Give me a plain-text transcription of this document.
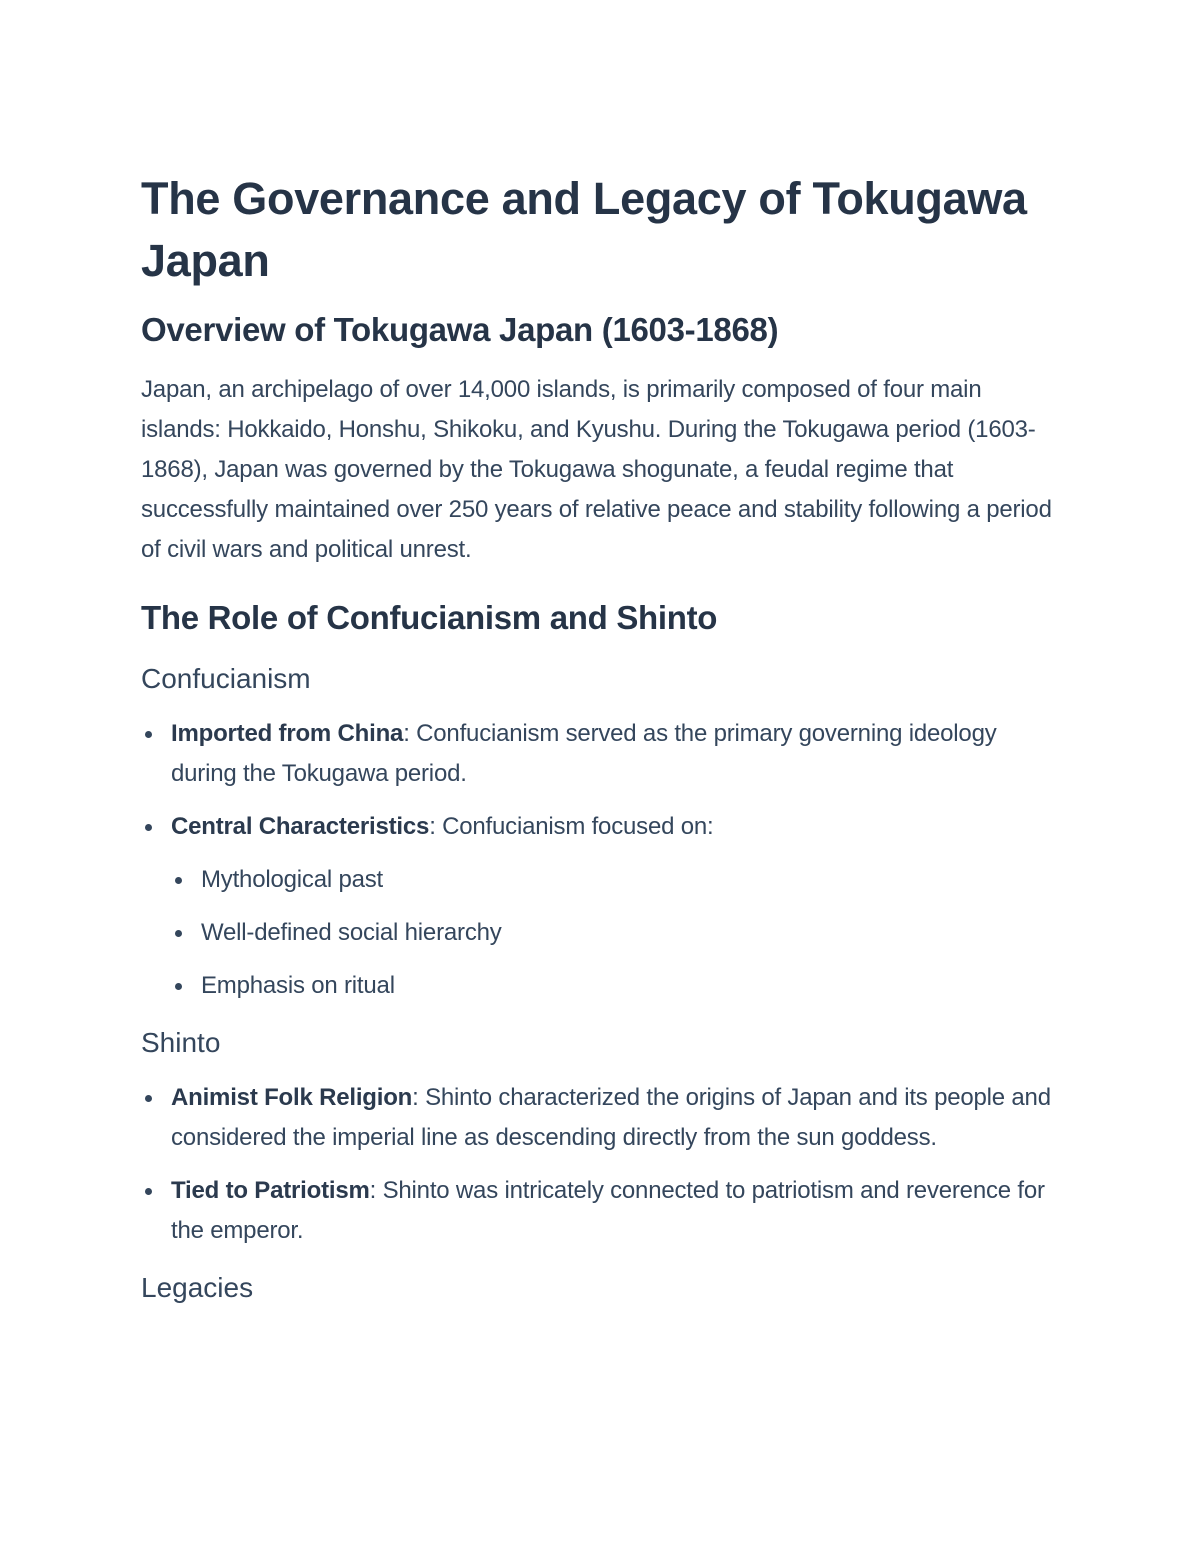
The Governance and Legacy of Tokugawa Japan
Overview of Tokugawa Japan (1603-1868)

Japan, an archipelago of over 14,000 islands, is primarily composed of four main islands: Hokkaido, Honshu, Shikoku, and Kyushu. During the Tokugawa period (1603-1868), Japan was governed by the Tokugawa shogunate, a feudal regime that successfully maintained over 250 years of relative peace and stability following a period of civil wars and political unrest.

The Role of Confucianism and Shinto
Confucianism
Imported from China: Confucianism served as the primary governing ideology during the Tokugawa period.
Central Characteristics: Confucianism focused on:
Mythological past
Well-defined social hierarchy
Emphasis on ritual
Shinto
Animist Folk Religion: Shinto characterized the origins of Japan and its people and considered the imperial line as descending directly from the sun goddess.
Tied to Patriotism: Shinto was intricately connected to patriotism and reverence for the emperor.
Legacies
